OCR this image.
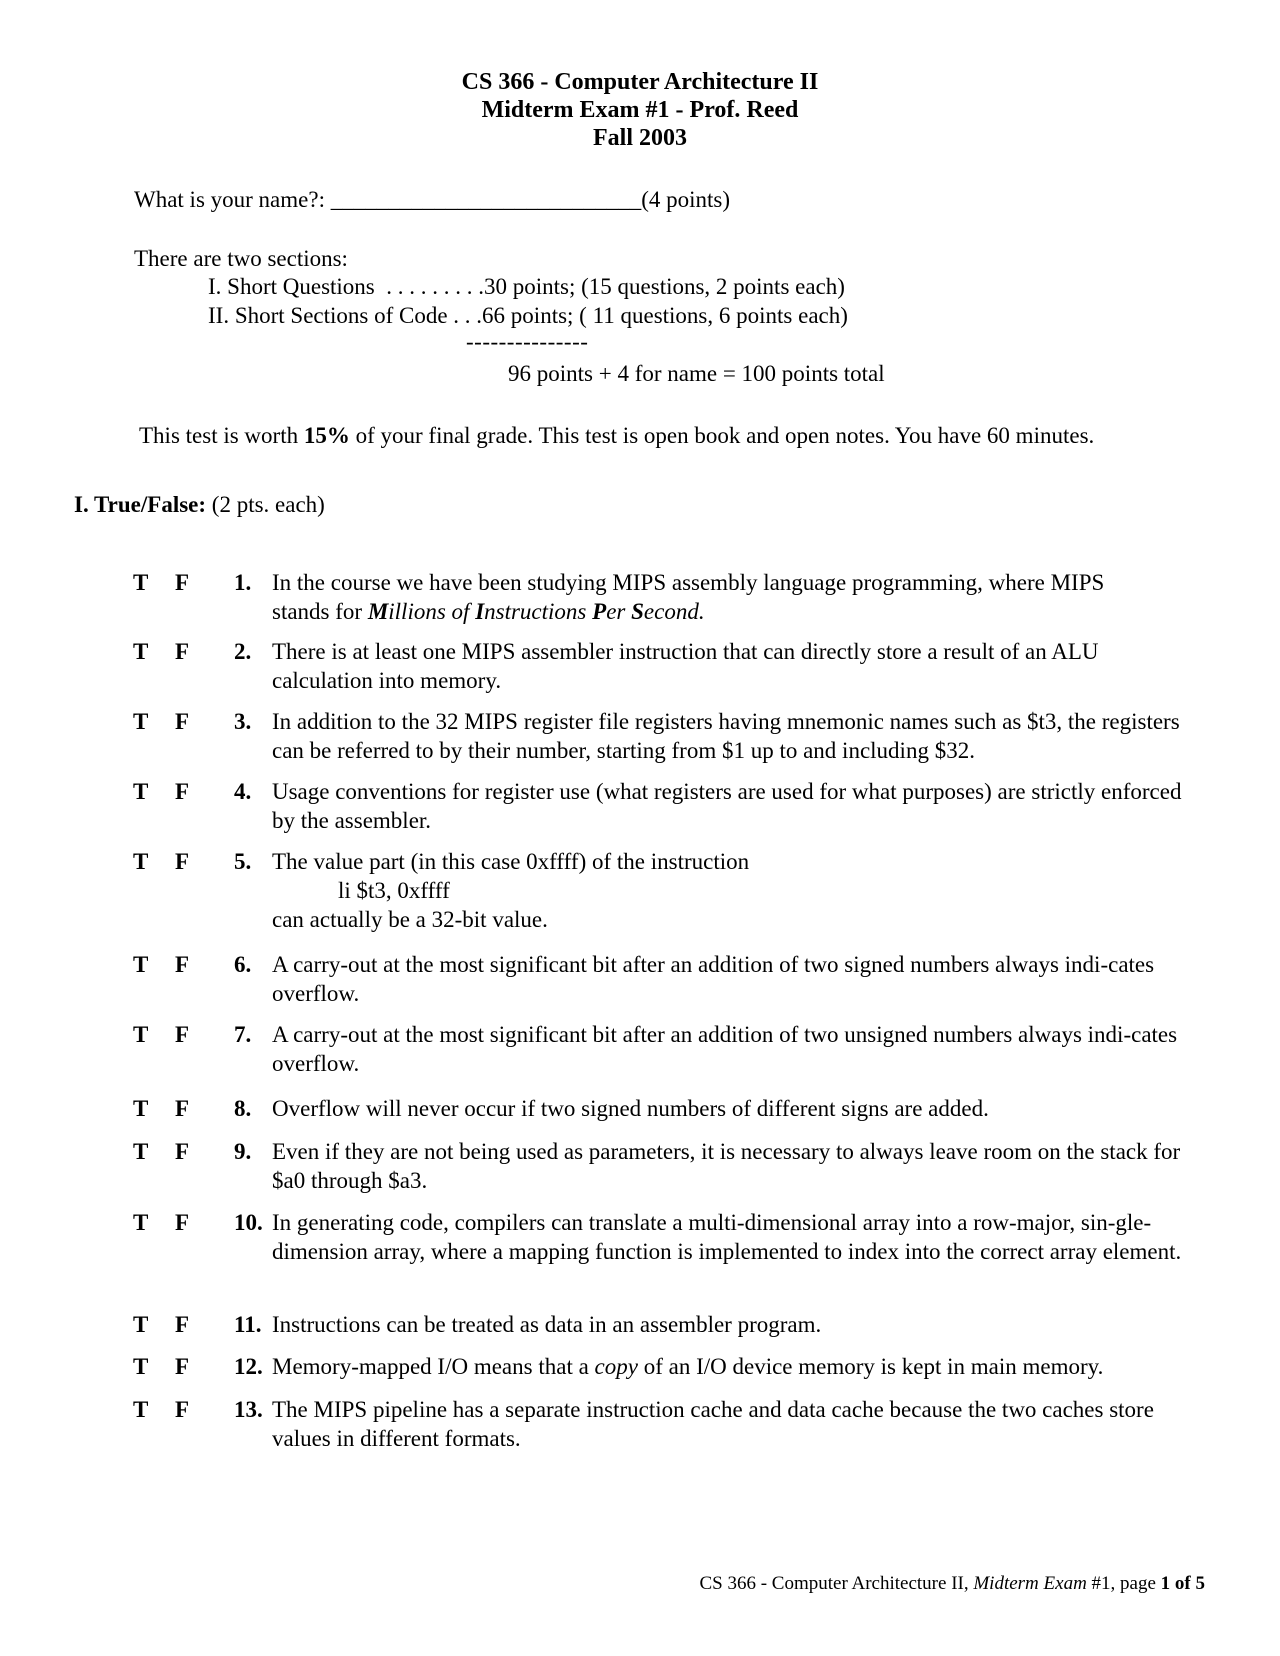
CS 366 - Computer Architecture II
Midterm Exam #1 - Prof. Reed
Fall 2003
What is your name?: ___________________________(4 points)
There are two sections:
I. Short Questions  . . . . . . . . .30 points; (15 questions, 2 points each)
II. Short Sections of Code . . .66 points; ( 11 questions, 6 points each)
---------------
96 points + 4 for name = 100 points total
This test is worth 15% of your final grade. This test is open book and open notes. You have 60 minutes.
I. True/False: (2 pts. each)
T F 1. In the course we have been studying MIPS assembly language programming, where MIPS
stands for Millions of Instructions Per Second.
T F 2. There is at least one MIPS assembler instruction that can directly store a result of an ALU calculation into memory.
T F 3. In addition to the 32 MIPS register file registers having mnemonic names such as $t3, the registers can be referred to by their number, starting from $1 up to and including $32.
T F 4. Usage conventions for register use (what registers are used for what purposes) are strictly enforced by the assembler.
T F 5. The value part (in this case 0xffff) of the instruction
li $t3, 0xffff
can actually be a 32-bit value.
T F 6. A carry-out at the most significant bit after an addition of two signed numbers always indi-cates overflow.
T F 7. A carry-out at the most significant bit after an addition of two unsigned numbers always indi-cates overflow.
T F 8. Overflow will never occur if two signed numbers of different signs are added.
T F 9. Even if they are not being used as parameters, it is necessary to always leave room on the stack for $a0 through $a3.
T F 10. In generating code, compilers can translate a multi-dimensional array into a row-major, sin-gle-dimension array, where a mapping function is implemented to index into the correct array element.
T F 11. Instructions can be treated as data in an assembler program.
T F 12. Memory-mapped I/O means that a copy of an I/O device memory is kept in main memory.
T F 13. The MIPS pipeline has a separate instruction cache and data cache because the two caches store values in different formats.
CS 366 - Computer Architecture II, Midterm Exam #1, page 1 of 5
